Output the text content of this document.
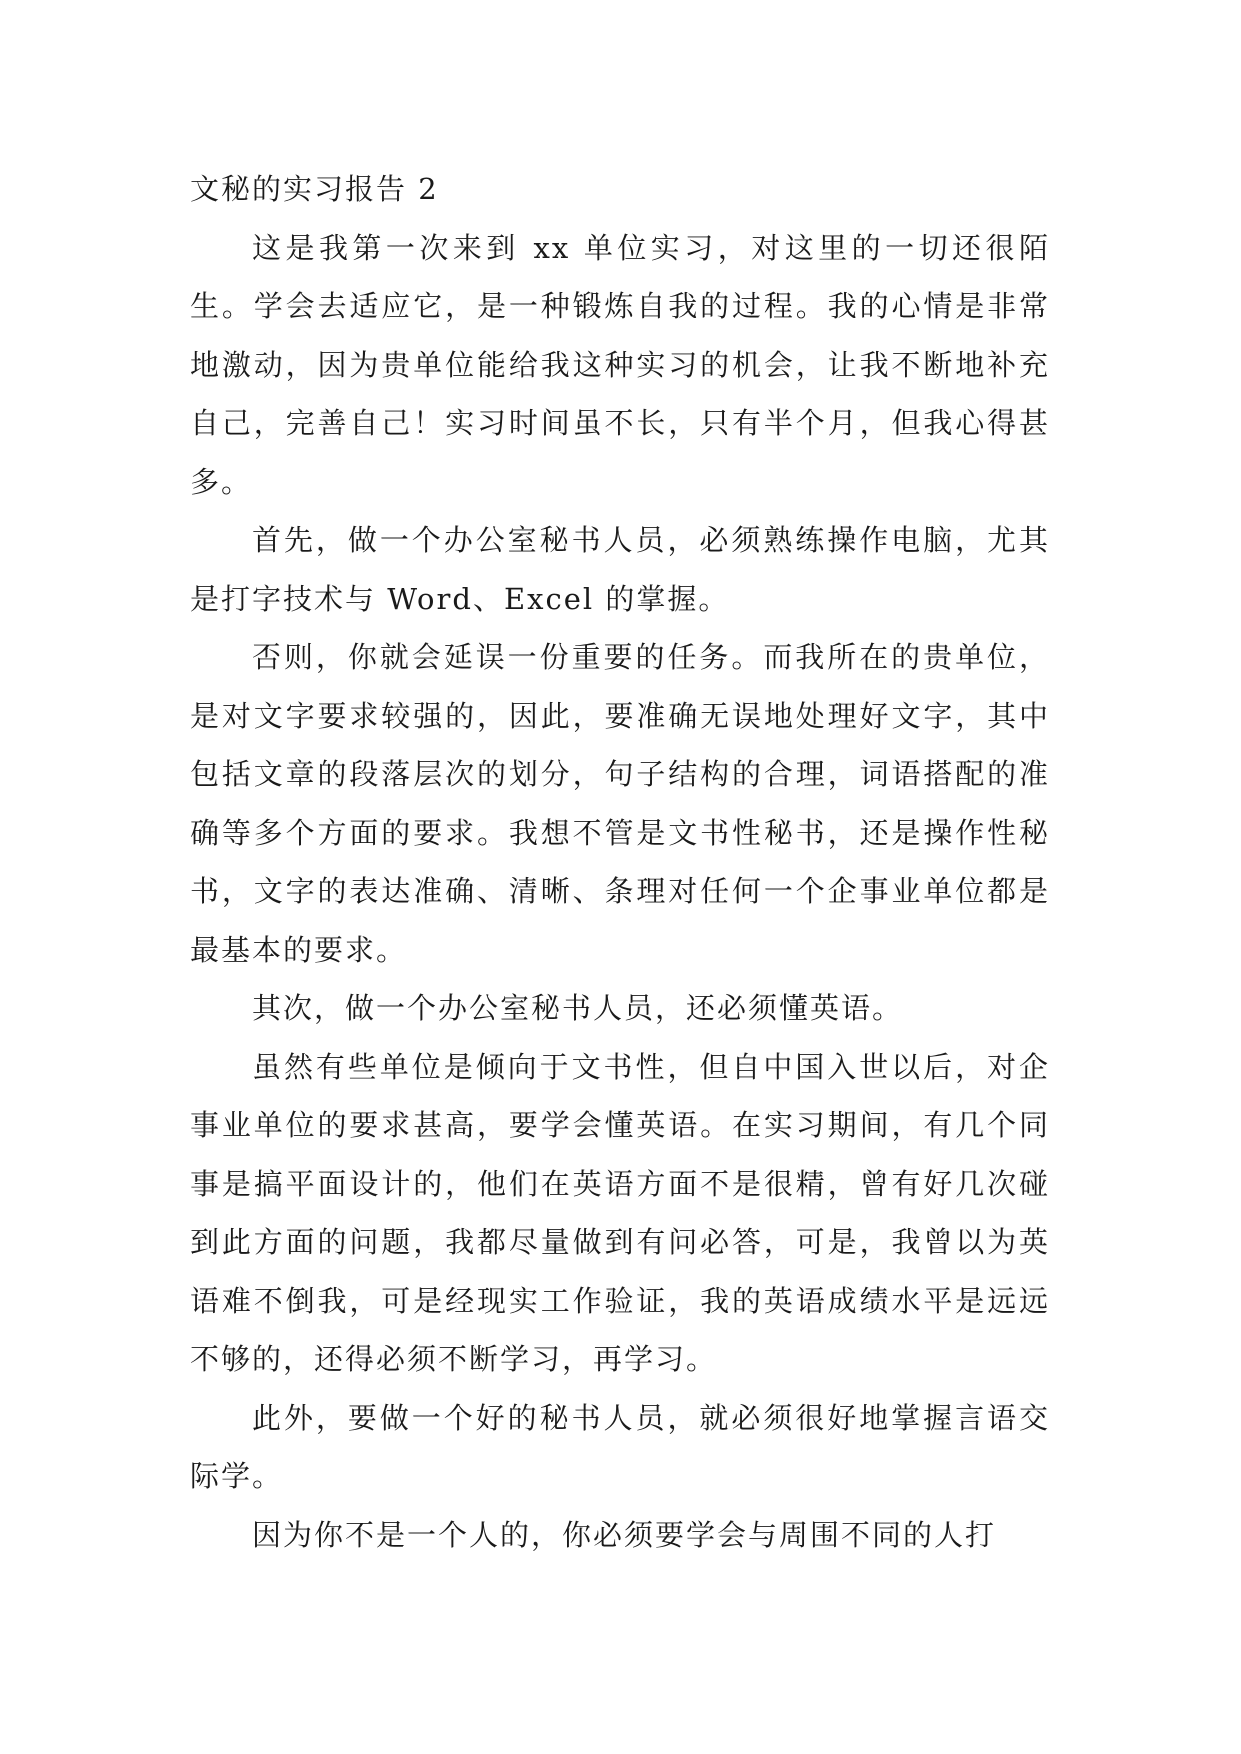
文秘的实习报告 2

这是我第一次来到 xx 单位实习，对这里的一切还很陌生。学会去适应它，是一种锻炼自我的过程。我的心情是非常地激动，因为贵单位能给我这种实习的机会，让我不断地补充自己，完善自己！实习时间虽不长，只有半个月，但我心得甚多。

首先，做一个办公室秘书人员，必须熟练操作电脑，尤其是打字技术与 Word、Excel 的掌握。

否则，你就会延误一份重要的任务。而我所在的贵单位，是对文字要求较强的，因此，要准确无误地处理好文字，其中包括文章的段落层次的划分，句子结构的合理，词语搭配的准确等多个方面的要求。我想不管是文书性秘书，还是操作性秘书，文字的表达准确、清晰、条理对任何一个企事业单位都是最基本的要求。

其次，做一个办公室秘书人员，还必须懂英语。

虽然有些单位是倾向于文书性，但自中国入世以后，对企事业单位的要求甚高，要学会懂英语。在实习期间，有几个同事是搞平面设计的，他们在英语方面不是很精，曾有好几次碰到此方面的问题，我都尽量做到有问必答，可是，我曾以为英语难不倒我，可是经现实工作验证，我的英语成绩水平是远远不够的，还得必须不断学习，再学习。

此外，要做一个好的秘书人员，就必须很好地掌握言语交际学。

因为你不是一个人的，你必须要学会与周围不同的人打
